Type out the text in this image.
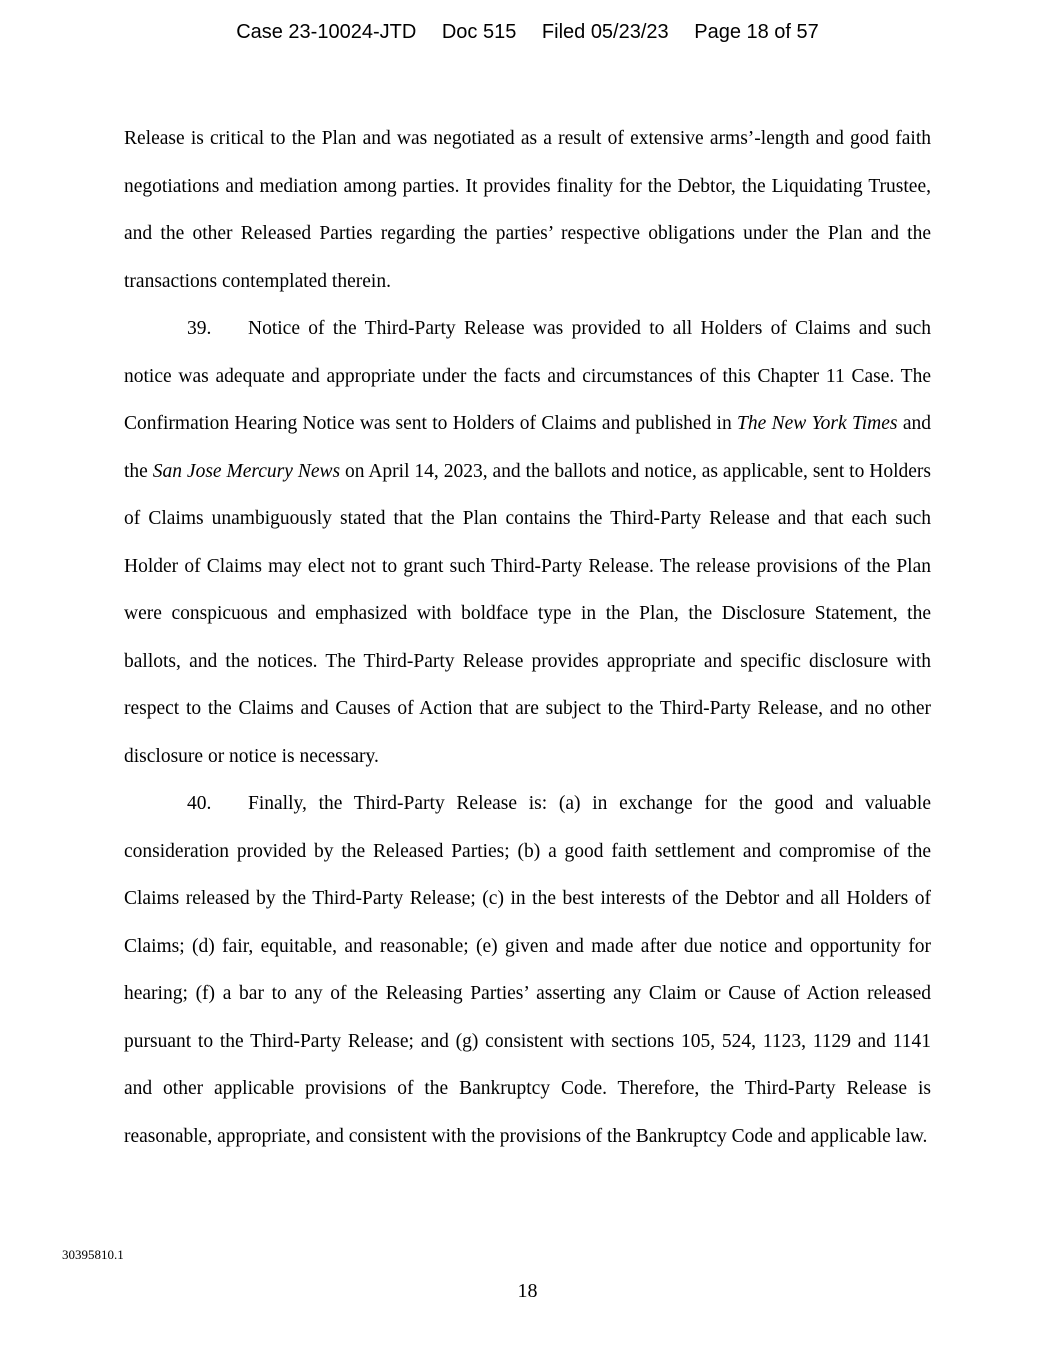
Case 23-10024-JTD Doc 515 Filed 05/23/23 Page 18 of 57

Release is critical to the Plan and was negotiated as a result of extensive arms’-length and good faith negotiations and mediation among parties. It provides finality for the Debtor, the Liquidating Trustee, and the other Released Parties regarding the parties’ respective obligations under the Plan and the transactions contemplated therein.

39. Notice of the Third-Party Release was provided to all Holders of Claims and such notice was adequate and appropriate under the facts and circumstances of this Chapter 11 Case. The Confirmation Hearing Notice was sent to Holders of Claims and published in The New York Times and the San Jose Mercury News on April 14, 2023, and the ballots and notice, as applicable, sent to Holders of Claims unambiguously stated that the Plan contains the Third-Party Release and that each such Holder of Claims may elect not to grant such Third-Party Release. The release provisions of the Plan were conspicuous and emphasized with boldface type in the Plan, the Disclosure Statement, the ballots, and the notices. The Third-Party Release provides appropriate and specific disclosure with respect to the Claims and Causes of Action that are subject to the Third-Party Release, and no other disclosure or notice is necessary.

40. Finally, the Third-Party Release is: (a) in exchange for the good and valuable consideration provided by the Released Parties; (b) a good faith settlement and compromise of the Claims released by the Third-Party Release; (c) in the best interests of the Debtor and all Holders of Claims; (d) fair, equitable, and reasonable; (e) given and made after due notice and opportunity for hearing; (f) a bar to any of the Releasing Parties’ asserting any Claim or Cause of Action released pursuant to the Third-Party Release; and (g) consistent with sections 105, 524, 1123, 1129 and 1141 and other applicable provisions of the Bankruptcy Code. Therefore, the Third-Party Release is reasonable, appropriate, and consistent with the provisions of the Bankruptcy Code and applicable law.

30395810.1
18
